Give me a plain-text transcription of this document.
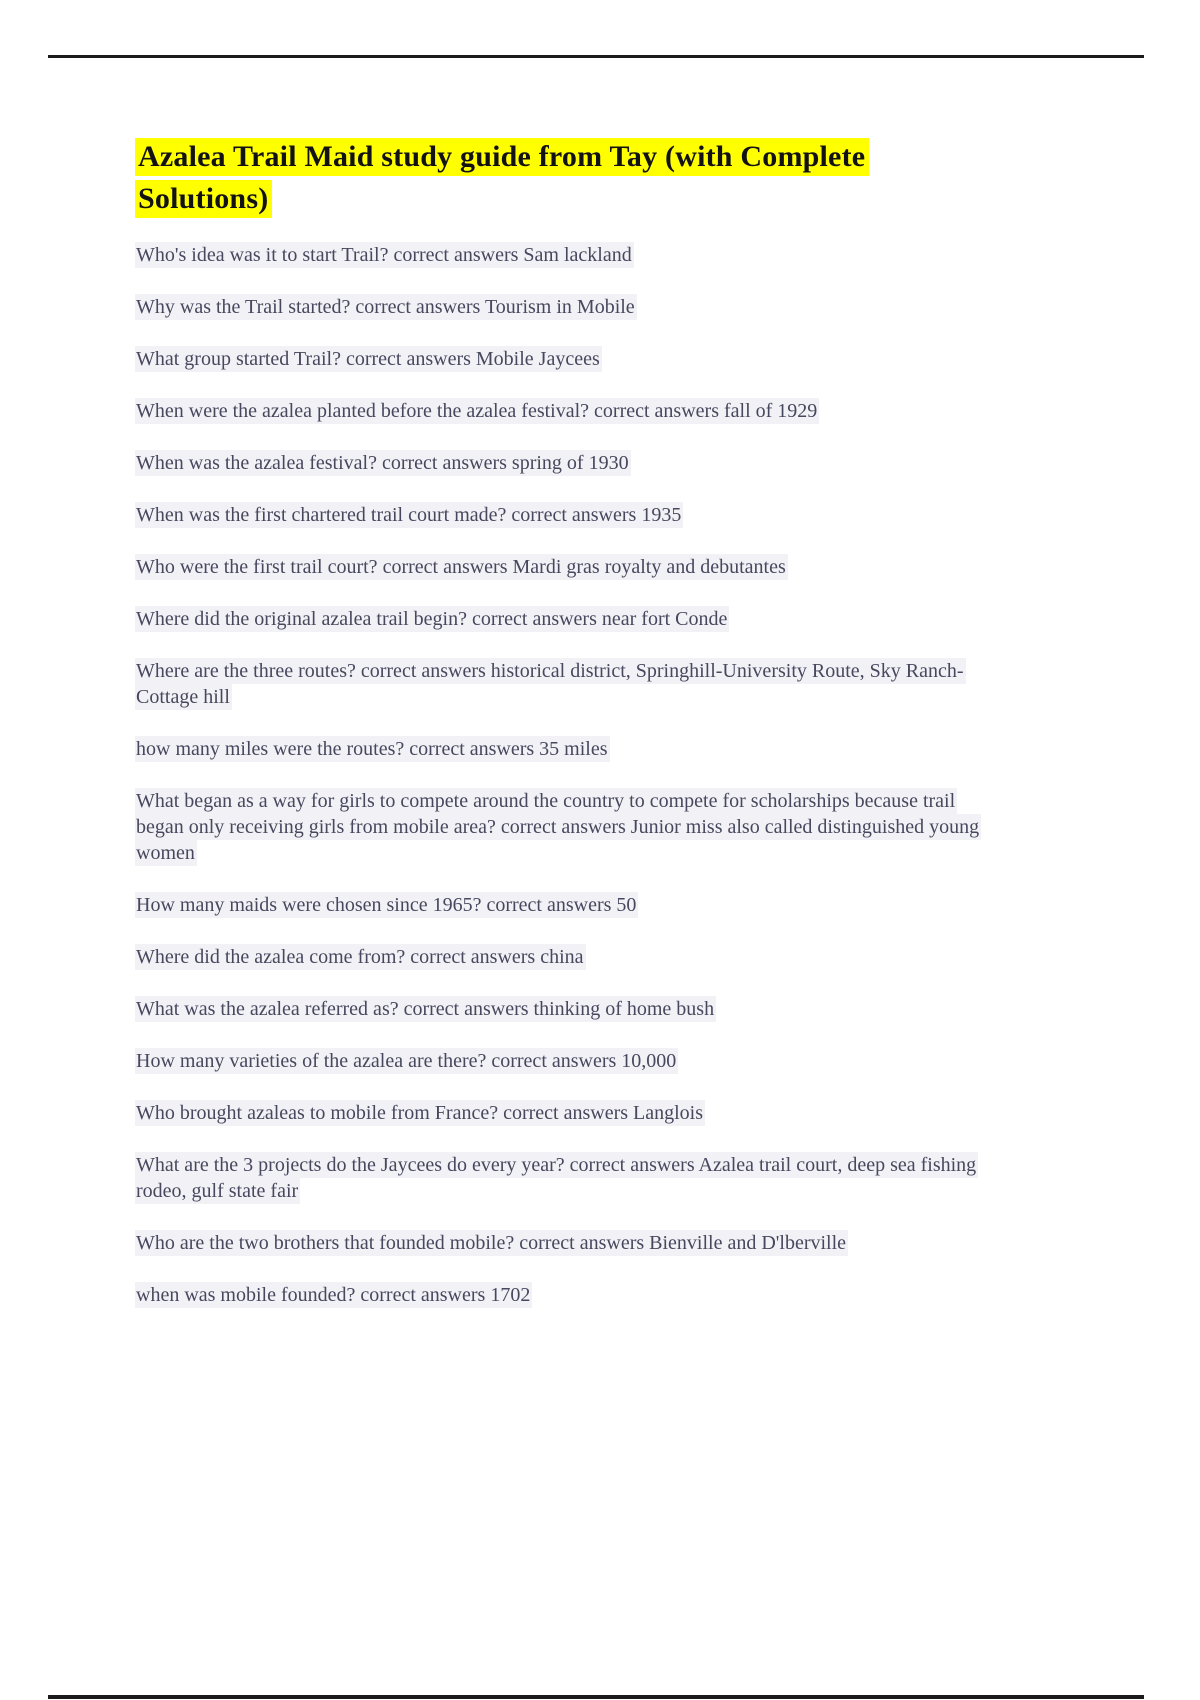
Azalea Trail Maid study guide from Tay (with Complete Solutions)

Who's idea was it to start Trail? correct answers Sam lackland

Why was the Trail started? correct answers Tourism in Mobile

What group started Trail? correct answers Mobile Jaycees

When were the azalea planted before the azalea festival? correct answers fall of 1929

When was the azalea festival? correct answers spring of 1930

When was the first chartered trail court made? correct answers 1935

Who were the first trail court? correct answers Mardi gras royalty and debutantes

Where did the original azalea trail begin? correct answers near fort Conde

Where are the three routes? correct answers historical district, Springhill-University Route, Sky Ranch-Cottage hill

how many miles were the routes? correct answers 35 miles

What began as a way for girls to compete around the country to compete for scholarships because trail began only receiving girls from mobile area? correct answers Junior miss also called distinguished young women

How many maids were chosen since 1965? correct answers 50

Where did the azalea come from? correct answers china

What was the azalea referred as? correct answers thinking of home bush

How many varieties of the azalea are there? correct answers 10,000

Who brought azaleas to mobile from France? correct answers Langlois

What are the 3 projects do the Jaycees do every year? correct answers Azalea trail court, deep sea fishing rodeo, gulf state fair

Who are the two brothers that founded mobile? correct answers Bienville and D'lberville

when was mobile founded? correct answers 1702
